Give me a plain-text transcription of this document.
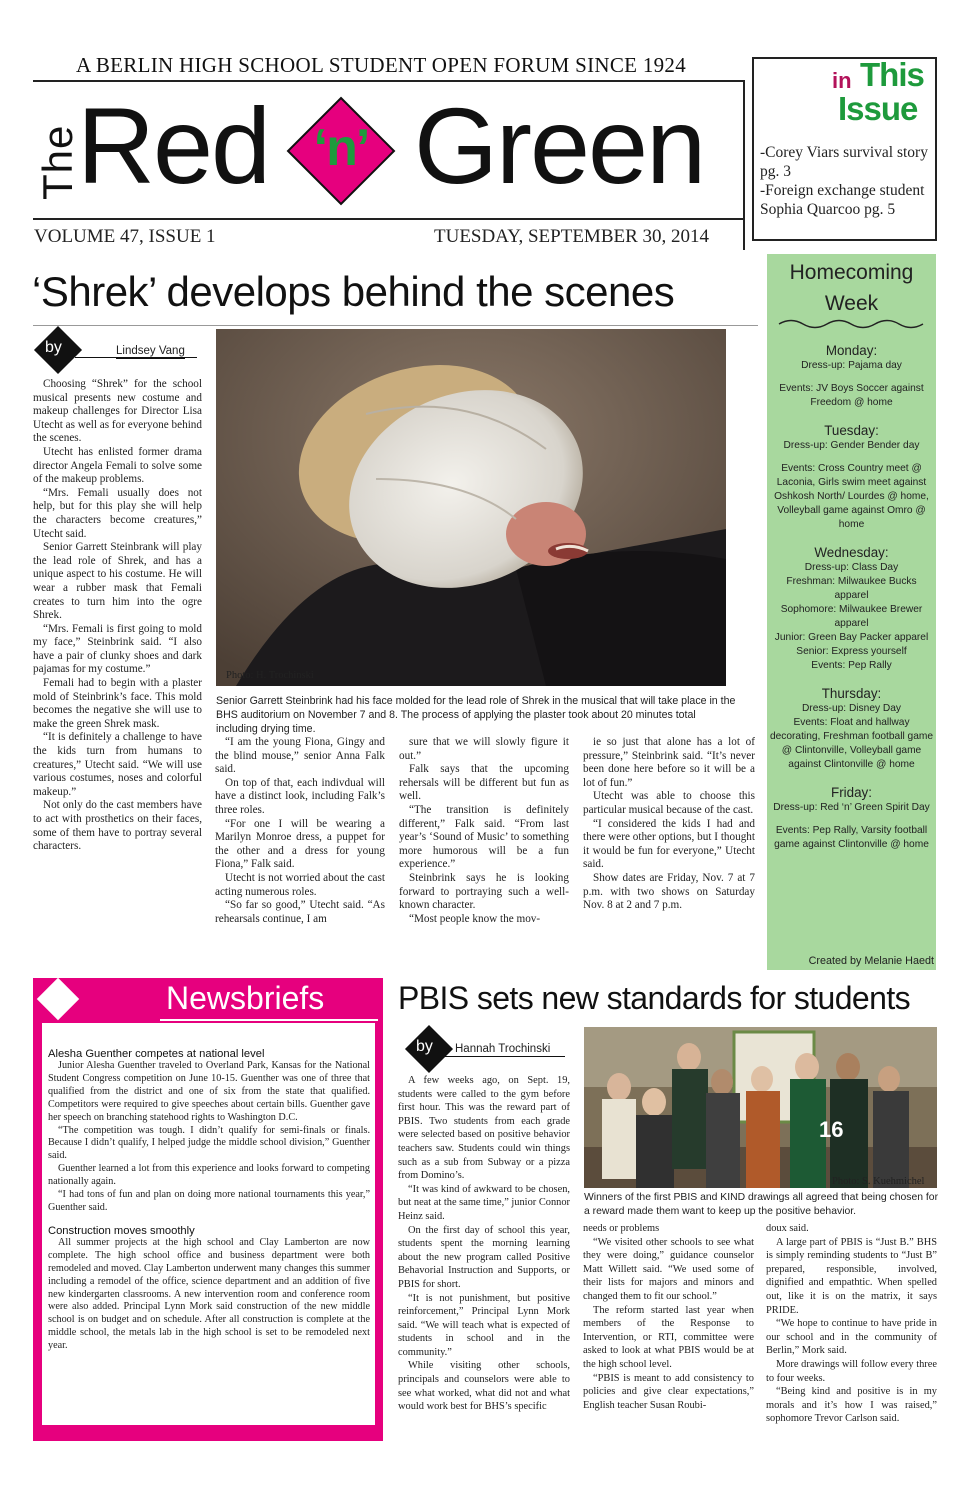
A BERLIN HIGH SCHOOL STUDENT OPEN FORUM SINCE 1924
The
Red ‘n’ Green
VOLUME 47, ISSUE 1	TUESDAY, SEPTEMBER 30, 2014
in This
Issue
-Corey Viars survival story pg. 3
-Foreign exchange student Sophia Quarcoo pg. 5
‘Shrek’ develops behind the scenes
by	Lindsey Vang

Choosing “Shrek” for the school musical presents new costume and makeup challenges for Director Lisa Utecht as well as for everyone behind the scenes.

Utecht has enlisted former drama director Angela Femali to solve some of the makeup problems.

“Mrs. Femali usually does not help, but for this play she will help the characters become creatures,” Utecht said.

Senior Garrett Steinbrank will play the lead role of Shrek, and has a unique aspect to his costume. He will wear a rubber mask that Femali creates to turn him into the ogre Shrek.

“Mrs. Femali is first going to mold my face,” Steinbrink said. “I also have a pair of clunky shoes and dark pajamas for my costume.”

Femali had to begin with a plaster mold of Steinbrink’s face. This mold becomes the negative she will use to make the green Shrek mask.

“It is definitely a challenge to have the kids turn from humans to creatures,” Utecht said. “We will use various costumes, noses and colorful makeup.”

Not only do the cast members have to act with prosthetics on their faces, some of them have to portray several characters.

Photo: H. Trochinski
Senior Garrett Steinbrink had his face molded for the lead role of Shrek in the musical that will take place in the BHS auditorium on November 7 and 8. The process of applying the plaster took about 20 minutes total including drying time.

“I am the young Fiona, Gingy and the blind mouse,” senior Anna Falk said.

On top of that, each indivdual will have a distinct look, including Falk’s three roles.

“For one I will be wearing a Marilyn Monroe dress, a puppet for the other and a dress for young Fiona,” Falk said.

Utecht is not worried about the cast acting numerous roles.

“So far so good,” Utecht said. “As rehearsals continue, I am

sure that we will slowly figure it out.”

Falk says that the upcoming rehersals will be different but fun as well.

“The transition is definitely different,” Falk said. “From last year’s ‘Sound of Music’ to something more humorous will be a fun experience.”

Steinbrink says he is looking forward to portraying such a well-known character.

“Most people know the mov-

ie so just that alone has a lot of pressure,” Steinbrink said. “It’s never been done here before so it will be a lot of fun.”

Utecht was able to choose this particular musical because of the cast.

“I considered the kids I had and there were other options, but I thought it would be fun for everyone,” Utecht said.

Show dates are Friday, Nov. 7 at 7 p.m. with two shows on Saturday Nov. 8 at 2 and 7 p.m.

Homecoming Week
Monday:
Dress-up: Pajama day
Events: JV Boys Soccer against Freedom @ home
Tuesday:
Dress-up: Gender Bender day
Events: Cross Country meet @ Laconia, Girls swim meet against Oshkosh North/ Lourdes @ home, Volleyball game against Omro @ home
Wednesday:
Dress-up: Class Day
Freshman: Milwaukee Bucks apparel
Sophomore: Milwaukee Brewer apparel
Junior: Green Bay Packer apparel
Senior: Express yourself
Events: Pep Rally
Thursday:
Dress-up: Disney Day
Events: Float and hallway decorating, Freshman football game @ Clintonville, Volleyball game against Clintonville @ home
Friday:
Dress-up: Red ‘n’ Green Spirit Day
Events: Pep Rally, Varsity football game against Clintonville @ home
Created by Melanie Haedt
Newsbriefs
Alesha Guenther competes at national level

Junior Alesha Guenther traveled to Overland Park, Kansas for the National Student Congress competition on June 10-15. Guenther was one of three that qualified from the district and one of six from the state that qualified. Competitors were required to give speeches about certain bills. Guenther gave her speech on branching statehood rights to Washington D.C.

“The competition was tough. I didn’t qualify for semi-finals or finals. Because I didn’t qualify, I helped judge the middle school division,” Guenther said.

Guenther learned a lot from this experience and looks forward to competing nationally again.

“I had tons of fun and plan on doing more national tournaments this year,” Guenther said.

Construction moves smoothly

All summer projects at the high school and Clay Lamberton are now complete. The high school office and business department were both remodeled and moved. Clay Lamberton underwent many changes this summer including a remodel of the office, science department and an addition of five new kindergarten classrooms. A new intervention room and conference room were also added. Principal Lynn Mork said construction of the new middle school is on budget and on schedule. After all construction is complete at the middle school, the metals lab in the high school is set to be remodeled next year.

PBIS sets new standards for students
by Hannah Trochinski

A few weeks ago, on Sept. 19, students were called to the gym before first hour. This was the reward part of PBIS. Two students from each grade were selected based on positive behavior teachers saw. Students could win things such as a sub from Subway or a pizza from Domino’s.

“It was kind of awkward to be chosen, but neat at the same time,” junior Connor Heinz said.

On the first day of school this year, students spent the morning learning about the new program called Positive Behavorial Instruction and Supports, or PBIS for short.

“It is not punishment, but positive reinforcement,” Principal Lynn Mork said. “We will teach what is expected of students in school and in the community.”

While visiting other schools, principals and counselors were able to see what worked, what did not and what would work best for BHS’s specific

16
Photo: S. Kuehmichel
Winners of the first PBIS and KIND drawings all agreed that being chosen for a reward made them want to keep up the positive behavior.

needs or problems

“We visited other schools to see what they were doing,” guidance counselor Matt Willett said. “We used some of their lists for majors and minors and changed them to fit our school.”

The reform started last year when members of the Response to Intervention, or RTI, committee were asked to look at what PBIS would be at the high school level.

“PBIS is meant to add consistency to policies and give clear expectations,” English teacher Susan Roubi-

doux said.

A large part of PBIS is “Just B.” BHS is simply reminding students to “Just B” prepared, responsible, involved, dignified and empathtic. When spelled out, like it is on the matrix, it says PRIDE.

“We hope to continue to have pride in our school and in the community of Berlin,” Mork said.

More drawings will follow every three to four weeks.

“Being kind and positive is in my morals and it’s how I was raised,” sophomore Trevor Carlson said.
